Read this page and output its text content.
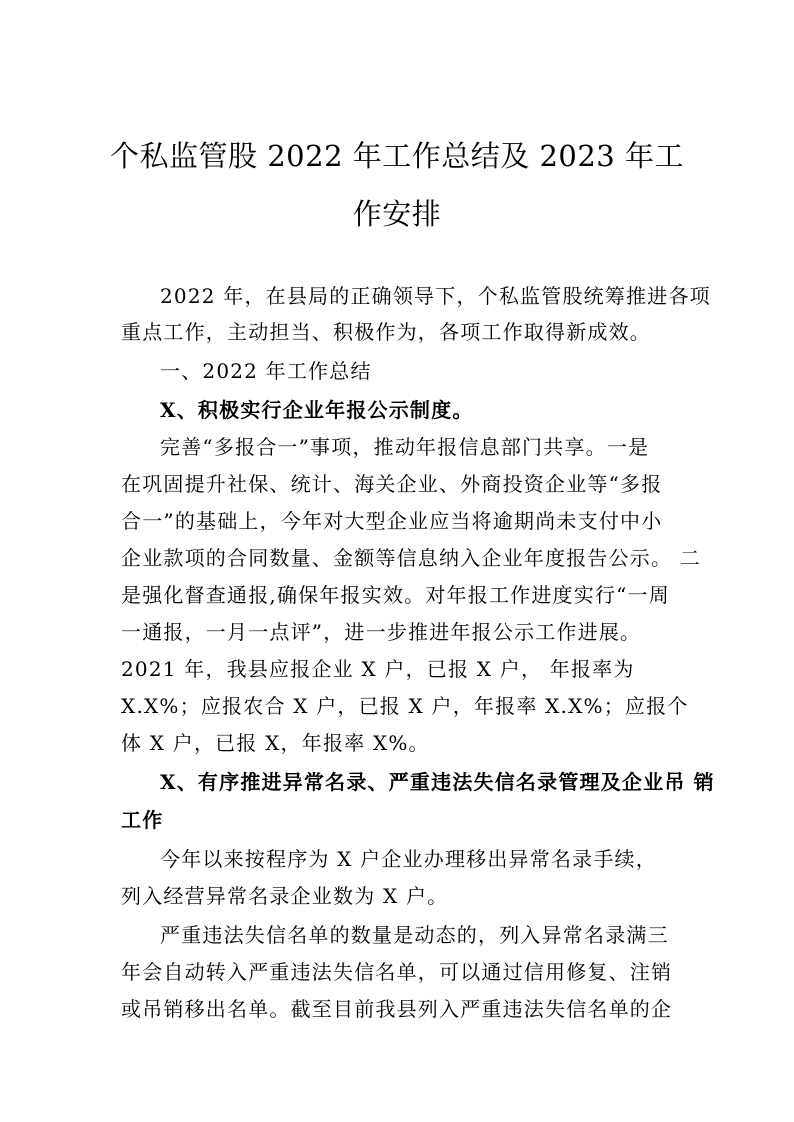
个私监管股 2022 年工作总结及 2023 年工
作安排
2022 年，在县局的正确领导下，个私监管股统筹推进各项
重点工作，主动担当、积极作为，各项工作取得新成效。
一、2022 年工作总结
X、积极实行企业年报公示制度。
完善“多报合一”事项，推动年报信息部门共享。一是
在巩固提升社保、统计、海关企业、外商投资企业等“多报
合一”的基础上，今年对大型企业应当将逾期尚未支付中小
企业款项的合同数量、金额等信息纳入企业年度报告公示。 二
是强化督查通报,确保年报实效。对年报工作进度实行“一周
一通报，一月一点评”，进一步推进年报公示工作进展。
2021 年，我县应报企业 X 户，已报 X 户， 年报率为
X.X%；应报农合 X 户，已报 X 户，年报率 X.X%；应报个
体 X 户，已报 X，年报率 X%。
X、有序推进异常名录、严重违法失信名录管理及企业吊 销
工作
今年以来按程序为 X 户企业办理移出异常名录手续，
列入经营异常名录企业数为 X 户。
严重违法失信名单的数量是动态的，列入异常名录满三
年会自动转入严重违法失信名单，可以通过信用修复、注销
或吊销移出名单。截至目前我县列入严重违法失信名单的企
